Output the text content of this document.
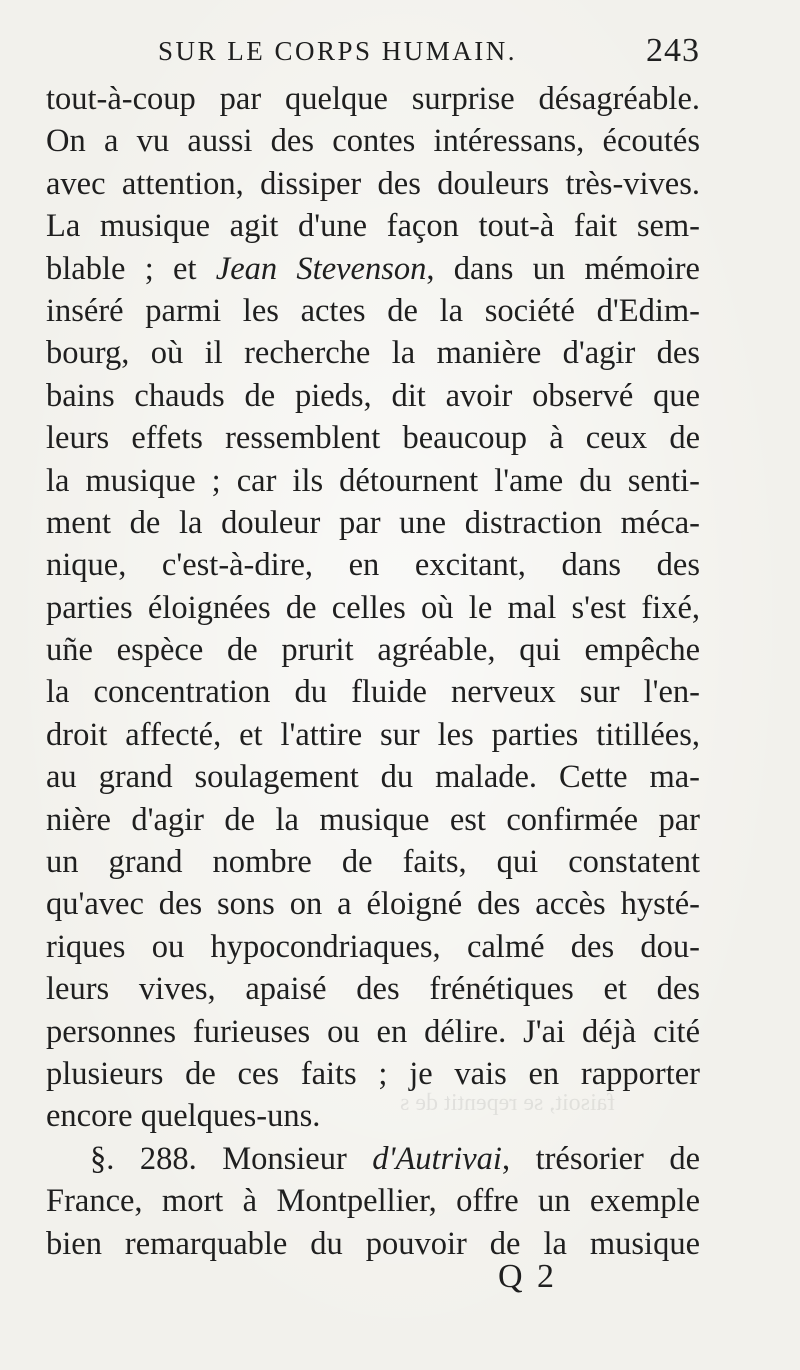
SUR LE CORPS HUMAIN.	243
tout-à-coup par quelque surprise désagréable.
On a vu aussi des contes intéressans, écoutés
avec attention, dissiper des douleurs très-vives.
La musique agit d'une façon tout-à fait sem-
blable ; et Jean Stevenson, dans un mémoire
inséré parmi les actes de la société d'Edim-
bourg, où il recherche la manière d'agir des
bains chauds de pieds, dit avoir observé que
leurs effets ressemblent beaucoup à ceux de
la musique ; car ils détournent l'ame du senti-
ment de la douleur par une distraction méca-
nique, c'est-à-dire, en excitant, dans des
parties éloignées de celles où le mal s'est fixé,
uñe espèce de prurit agréable, qui empêche
la concentration du fluide nerveux sur l'en-
droit affecté, et l'attire sur les parties titillées,
au grand soulagement du malade. Cette ma-
nière d'agir de la musique est confirmée par
un grand nombre de faits, qui constatent
qu'avec des sons on a éloigné des accès hysté-
riques ou hypocondriaques, calmé des dou-
leurs vives, apaisé des frénétiques et des
personnes furieuses ou en délire. J'ai déjà cité
plusieurs de ces faits ; je vais en rapporter
encore quelques-uns.
§. 288. Monsieur d'Autrivai, trésorier de
France, mort à Montpellier, offre un exemple
bien remarquable du pouvoir de la musique
faisoit, se repentit de s
Q 2
